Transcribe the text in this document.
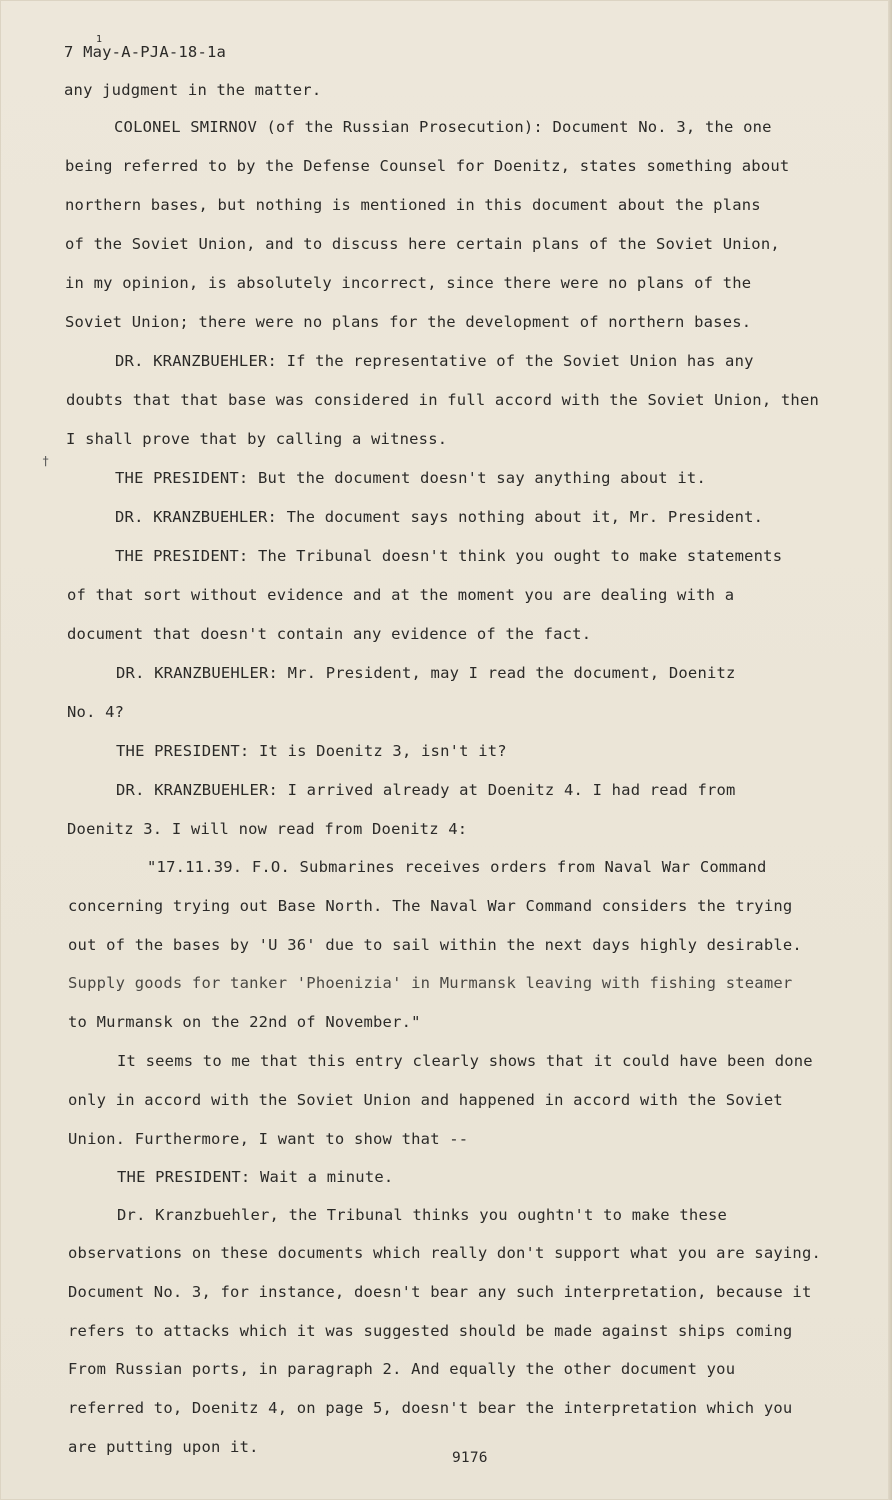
1
7 May-A-PJA-18-1a
†
any judgment in the matter.
COLONEL SMIRNOV (of the Russian Prosecution): Document No. 3, the one
being referred to by the Defense Counsel for Doenitz, states something about
northern bases, but nothing is mentioned in this document about the plans
of the Soviet Union, and to discuss here certain plans of the Soviet Union,
in my opinion, is absolutely incorrect, since there were no plans of the
Soviet Union; there were no plans for the development of northern bases.
DR. KRANZBUEHLER: If the representative of the Soviet Union has any
doubts that that base was considered in full accord with the Soviet Union, then
I shall prove that by calling a witness.
THE PRESIDENT: But the document doesn't say anything about it.
DR. KRANZBUEHLER: The document says nothing about it, Mr. President.
THE PRESIDENT: The Tribunal doesn't think you ought to make statements
of that sort without evidence and at the moment you are dealing with a
document that doesn't contain any evidence of the fact.
DR. KRANZBUEHLER: Mr. President, may I read the document, Doenitz
No. 4?
THE PRESIDENT: It is Doenitz 3, isn't it?
DR. KRANZBUEHLER: I arrived already at Doenitz 4. I had read from
Doenitz 3. I will now read from Doenitz 4:
"17.11.39. F.O. Submarines receives orders from Naval War Command
concerning trying out Base North. The Naval War Command considers the trying
out of the bases by 'U 36' due to sail within the next days highly desirable.
Supply goods for tanker 'Phoenizia' in Murmansk leaving with fishing steamer
to Murmansk on the 22nd of November."
It seems to me that this entry clearly shows that it could have been done
only in accord with the Soviet Union and happened in accord with the Soviet
Union. Furthermore, I want to show that --
THE PRESIDENT: Wait a minute.
Dr. Kranzbuehler, the Tribunal thinks you oughtn't to make these
observations on these documents which really don't support what you are saying.
Document No. 3, for instance, doesn't bear any such interpretation, because it
refers to attacks which it was suggested should be made against ships coming
From Russian ports, in paragraph 2. And equally the other document you
referred to, Doenitz 4, on page 5, doesn't bear the interpretation which you
are putting upon it.
9176
